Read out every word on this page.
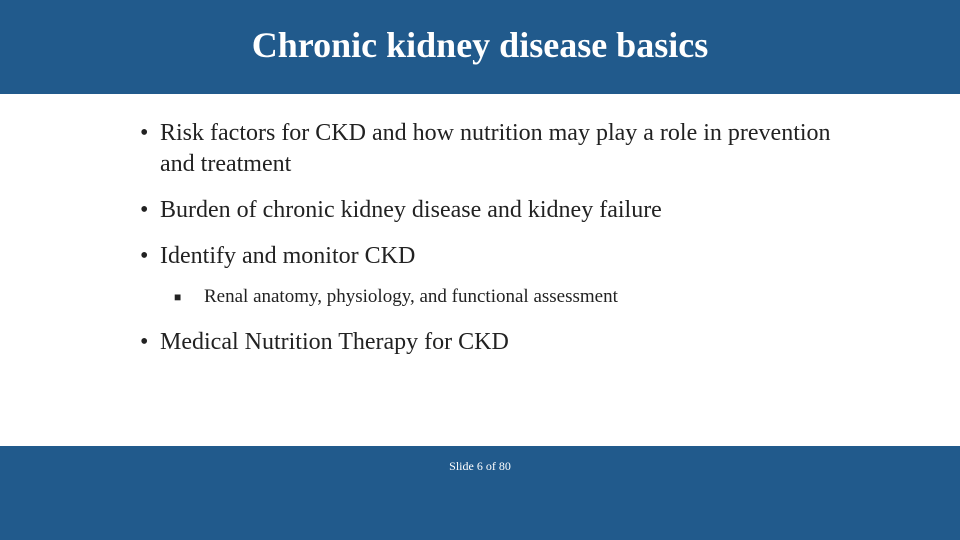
Chronic kidney disease basics
• Risk factors for CKD and how nutrition may play a role in prevention and treatment
• Burden of chronic kidney disease and kidney failure
• Identify and monitor CKD
■	Renal anatomy, physiology, and functional assessment
• Medical Nutrition Therapy for CKD
Slide 6 of 80
